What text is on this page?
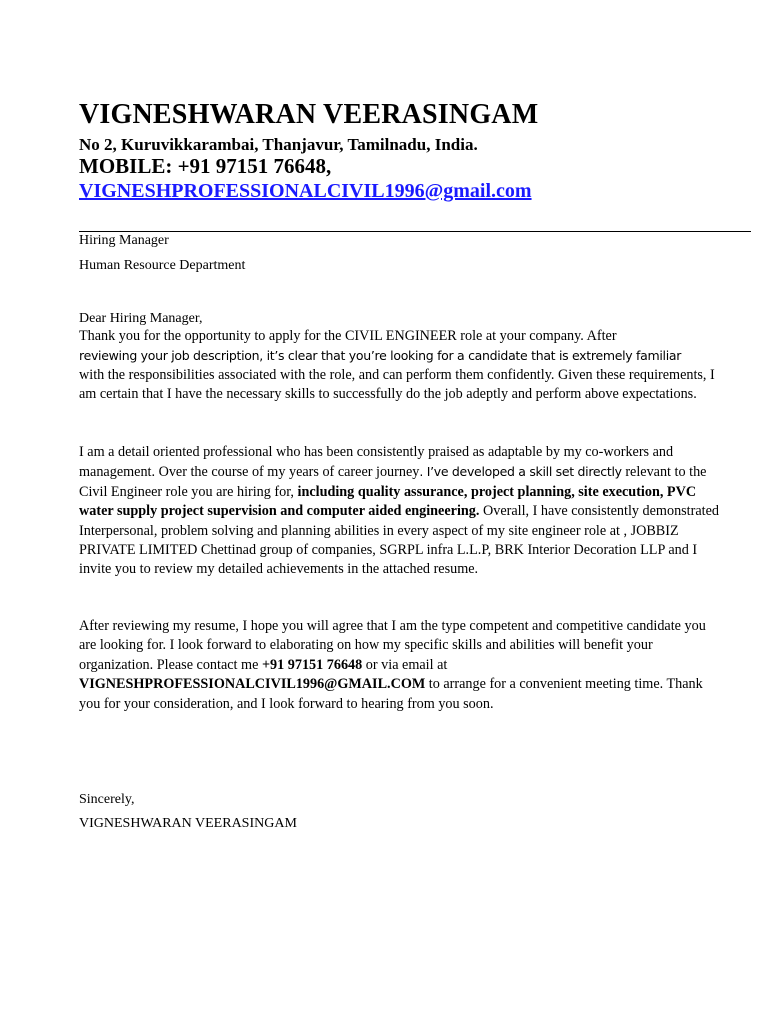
VIGNESHWARAN VEERASINGAM
No 2, Kuruvikkarambai, Thanjavur, Tamilnadu, India.
MOBILE: +91 97151 76648,
VIGNESHPROFESSIONALCIVIL1996@gmail.com
Hiring Manager
Human Resource Department
Dear Hiring Manager,

Thank you for the opportunity to apply for the CIVIL ENGINEER role at your company. After

reviewing your job description, it’s clear that you’re looking for a candidate that is extremely familiar

with the responsibilities associated with the role, and can perform them confidently. Given these requirements, I am certain that I have the necessary skills to successfully do the job adeptly and perform above expectations.

I am a detail oriented professional who has been consistently praised as adaptable by my co-workers and management. Over the course of my years of career journey. I’ve developed a skill set directly relevant to the Civil Engineer role you are hiring for, including quality assurance, project planning, site execution, PVC water supply project supervision and computer aided engineering. Overall, I have consistently demonstrated Interpersonal, problem solving and planning abilities in every aspect of my site engineer role at , JOBBIZ PRIVATE LIMITED Chettinad group of companies, SGRPL infra L.L.P, BRK Interior Decoration LLP and I invite you to review my detailed achievements in the attached resume.

After reviewing my resume, I hope you will agree that I am the type competent and competitive candidate you are looking for. I look forward to elaborating on how my specific skills and abilities will benefit your organization. Please contact me +91 97151 76648 or via email at
VIGNESHPROFESSIONALCIVIL1996@GMAIL.COM to arrange for a convenient meeting time. Thank you for your consideration, and I look forward to hearing from you soon.

Sincerely,
VIGNESHWARAN VEERASINGAM
